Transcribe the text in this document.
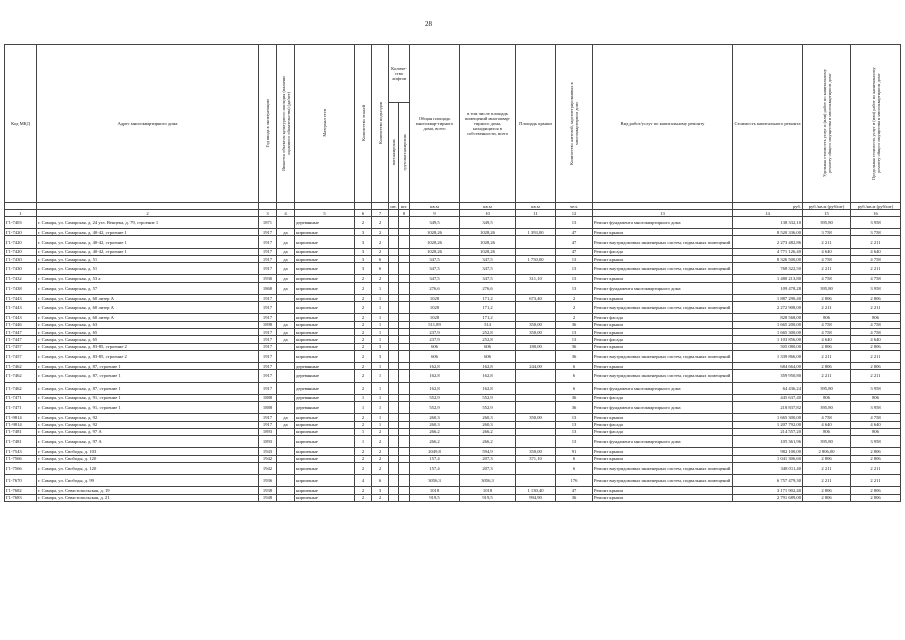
28
Код МКД	Адрес многоквартирного дома	Год ввода в эксплуатацию	Является объектом культурного наследия (наличие охранного обязательства) (да/нет)	Материал стен	Количество этажей	Количество подъездов	Количе-ство лифтов		Общая площадь многоквар-тирного дома, всего	в том числе площадь помещений многоквар-тирного дома, находящихся в собственности, всего	Площадь крыши	Количество жителей, зарегистрированных в многоквартирном доме	Вид работ/услуг по капитальному ремонту	Стоимость капитального ремонта	Удельная стоимость услуг и (или) работ по капитальному ремонту общего имущества в многоквартирном доме	Предельная стоимость услуг и (или) работ по капитальному ремонту общего имущества в многоквартирном доме
							пассажирских	грузопассажирских								
							шт.	шт.	кв.м	кв.м	кв.м	чел.		руб.	руб./кв.м (руб/шт)	руб./кв.м (руб/шт)
1	2	3	4	5	6	7		8	9	10	11	12	13	14	15	16
Г1-7403	г. Самара, ул. Самарская, д. 24 угл. Венцека, д. 79, строение 1	1871		деревянные	2	2			349,5	349,5		13	Ремонт фундамента многоквартирного дома	138 332,10	395,80	3 958
Г1-7420	г. Самара, ул. Самарская, д. 40-42, строение 1	1917	да	кирпичные	3	2			1028,26	1028,26	1 393,00	47	Ремонт крыши	8 520 336,00	3 758	3 758
Г1-7420	г. Самара, ул. Самарская, д. 40-42, строение 1	1917	да	кирпичные	3	2			1028,26	1028,26		47	Ремонт внутридомовых инженерных систем, подвальных помещений	2 273 482,86	2 211	2 211
Г1-7420	г. Самара, ул. Самарская, д. 40-42, строение 1	1917	да	кирпичные	3	2			1028,26	1028,26		47	Ремонт фасада	4 771 126,40	4 640	4 640
Г1-7430	г. Самара, ул. Самарская, д. 51	1917	да	кирпичные	3	6			347,5	347,5	1 750,00	13	Ремонт крыши	8 326 500,00	4 758	4 758
Г1-7430	г. Самара, ул. Самарская, д. 51	1917	да	кирпичные	3	6			347,5	347,5		13	Ремонт внутридомовых инженерных систем, подвальных помещений	768 322,50	2 211	2 211
Г1-7432	г. Самара, ул. Самарская, д. 53 а	1930	да	кирпичные	2	2			347,5	347,5	311,10	13	Ремонт крыши	1 480 213,80	4 758	4 758
Г1-7438	г. Самара, ул. Самарская, д. 57	1868	да	кирпичные	2	1			276,6	276,6		13	Ремонт фундамента многоквартирного дома	109 478,28	395,80	3 958
Г1-7443	г. Самара, ул. Самарская, д. 60 литер А	1917		кирпичные	2	1			1028	171,2	673,40	2	Ремонт крыши	1 887 290,40	2 806	2 806
Г1-7443	г. Самара, ул. Самарская, д. 60 литер А	1917		кирпичные	2	1			1028	171,2		2	Ремонт внутридомовых инженерных систем, подвальных помещений	2 272 908,00	2 211	2 211
Г1-7443	г. Самара, ул. Самарская, д. 60 литер А	1917		кирпичные	2	1			1028	171,2		2	Ремонт фасада	828 568,00	806	806
Г1-7446	г. Самара, ул. Самарская, д. 63	1898	да	кирпичные	2	1			511,89	514	350,00	36	Ремонт крыши	1 665 200,00	4 758	4 758
Г1-7447	г. Самара, ул. Самарская, д. 65	1917	да	кирпичные	2	1			237,9	252,8	350,00	13	Ремонт крыши	1 665 300,00	4 758	4 758
Г1-7447	г. Самара, ул. Самарская, д. 65	1917	да	кирпичные	2	1			237,9	252,8		13	Ремонт фасада	1 103 856,00	4 640	4 640
Г1-7457	г. Самара, ул. Самарская, д. 83-85, строение 2	1917		кирпичные	2	3			606	606	180,00	36	Ремонт крыши	505 080,00	2 806	2 806
Г1-7457	г. Самара, ул. Самарская, д. 83-85, строение 2	1917		кирпичные	2	3			606	606		36	Ремонт внутридомовых инженерных систем, подвальных помещений	1 339 866,00	2 211	2 211
Г1-7462	г. Самара, ул. Самарская, д. 87, строение 1	1917		деревянные	2	1			162,8	162,8	244,00	6	Ремонт крыши	684 664,00	2 806	2 806
Г1-7462	г. Самара, ул. Самарская, д. 87, строение 1	1917		деревянные	2	1			162,8	162,8		6	Ремонт внутридомовых инженерных систем, подвальных помещений	359 950,80	2 211	2 211
Г1-7462	г. Самара, ул. Самарская, д. 87, строение 1	1917		деревянные	2	1			162,8	162,8		6	Ремонт фундамента многоквартирного дома	64 436,24	395,80	3 958
Г1-7471	г. Самара, ул. Самарская, д. 91, строение 1	1888		деревянные	1	1			552,9	552,9		36	Ремонт фасада	445 637,40	806	806
Г1-7471	г. Самара, ул. Самарская, д. 91, строение 1	1888		деревянные	1	1			552,9	552,9		36	Ремонт фундамента многоквартирного дома	218 837,82	395,80	3 958
Г1-9814	г. Самара, ул. Самарская, д. 92	1917	да	кирпичные	2	1			260,3	260,3	350,00	13	Ремонт крыши	1 665 300,00	4 758	4 758
Г1-9814	г. Самара, ул. Самарская, д. 92	1917	да	кирпичные	2	1			260,3	260,3		13	Ремонт фасада	1 207 792,00	4 640	4 640
Г1-7481	г. Самара, ул. Самарская, д. 97 А	1893		кирпичные	1	2			266,2	266,2		13	Ремонт фасада	214 557,20	806	806
Г1-7481	г. Самара, ул. Самарская, д. 97 А	1893		кирпичные	1	2			266,2	266,2		13	Ремонт фундамента многоквартирного дома	105 361,96	395,80	3 958
Г1-7543	г. Самара, ул. Свободы, д. 103	1943		кирпичные	2	2			2049,8	594,9	350,00	91	Ремонт крыши	982 100,00	2 806,00	2 806
Г1-7566	г. Самара, ул. Свободы, д. 120	1942		кирпичные	2	2			157,4	207,3	371,10	6	Ремонт крыши	1 041 306,60	2 806	2 806
Г1-7566	г. Самара, ул. Свободы, д. 120	1942		кирпичные	2	2			157,4	207,3		6	Ремонт внутридомовых инженерных систем, подвальных помещений	348 011,40	2 211	2 211
Г1-7670	г. Самара, ул. Свободы, д. 99	1936		кирпичные	4	6			3056,3	3056,3		176	Ремонт внутридомовых инженерных систем, подвальных помещений	6 757 479,30	2 211	2 211
Г1-7682	г. Самара, ул. Севастопольская, д. 19	1938		кирпичные	2	3			1018	1018	1 130,40	47	Ремонт крыши	3 171 902,40	2 806	2 806
Г1-7683	г. Самара, ул. Севастопольская, д. 21	1948		кирпичные	2	2			919,5	919,5	994,90	36	Ремонт крыши	2 791 689,00	2 806	2 806
